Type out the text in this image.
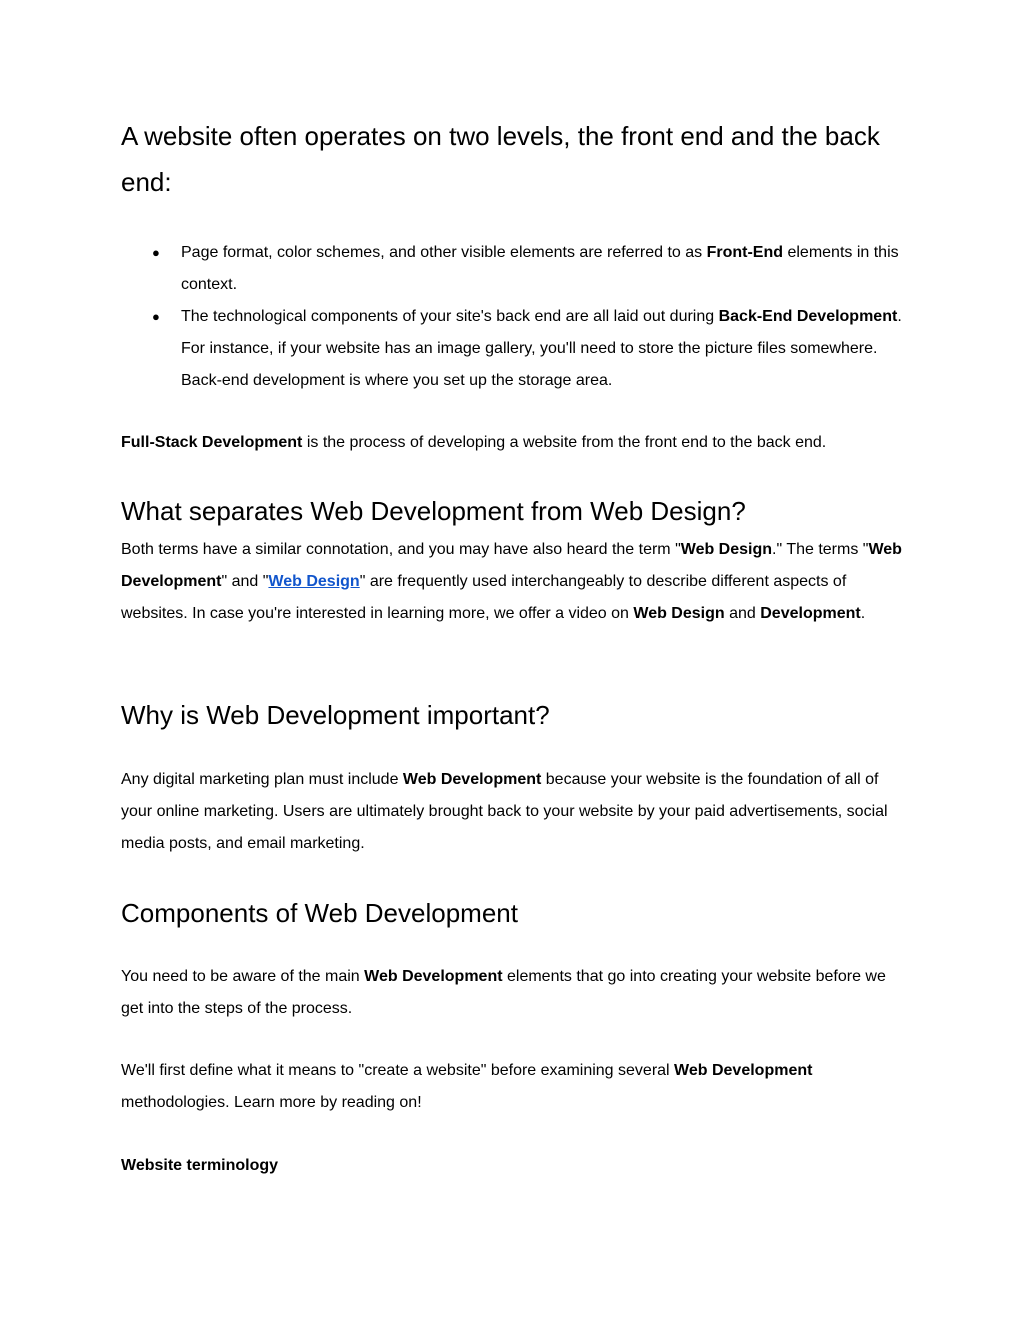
A website often operates on two levels, the front end and the back end:
● Page format, color schemes, and other visible elements are referred to as Front-End elements in this context.
● The technological components of your site's back end are all laid out during Back-End Development. For instance, if your website has an image gallery, you'll need to store the picture files somewhere. Back-end development is where you set up the storage area.

Full-Stack Development is the process of developing a website from the front end to the back end.

What separates Web Development from Web Design?

Both terms have a similar connotation, and you may have also heard the term "Web Design." The terms "Web Development" and "Web Design" are frequently used interchangeably to describe different aspects of websites. In case you're interested in learning more, we offer a video on Web Design and Development.

Why is Web Development important?

Any digital marketing plan must include Web Development because your website is the foundation of all of your online marketing. Users are ultimately brought back to your website by your paid advertisements, social media posts, and email marketing.

Components of Web Development

You need to be aware of the main Web Development elements that go into creating your website before we get into the steps of the process.

We'll first define what it means to "create a website" before examining several Web Development methodologies. Learn more by reading on!

Website terminology
